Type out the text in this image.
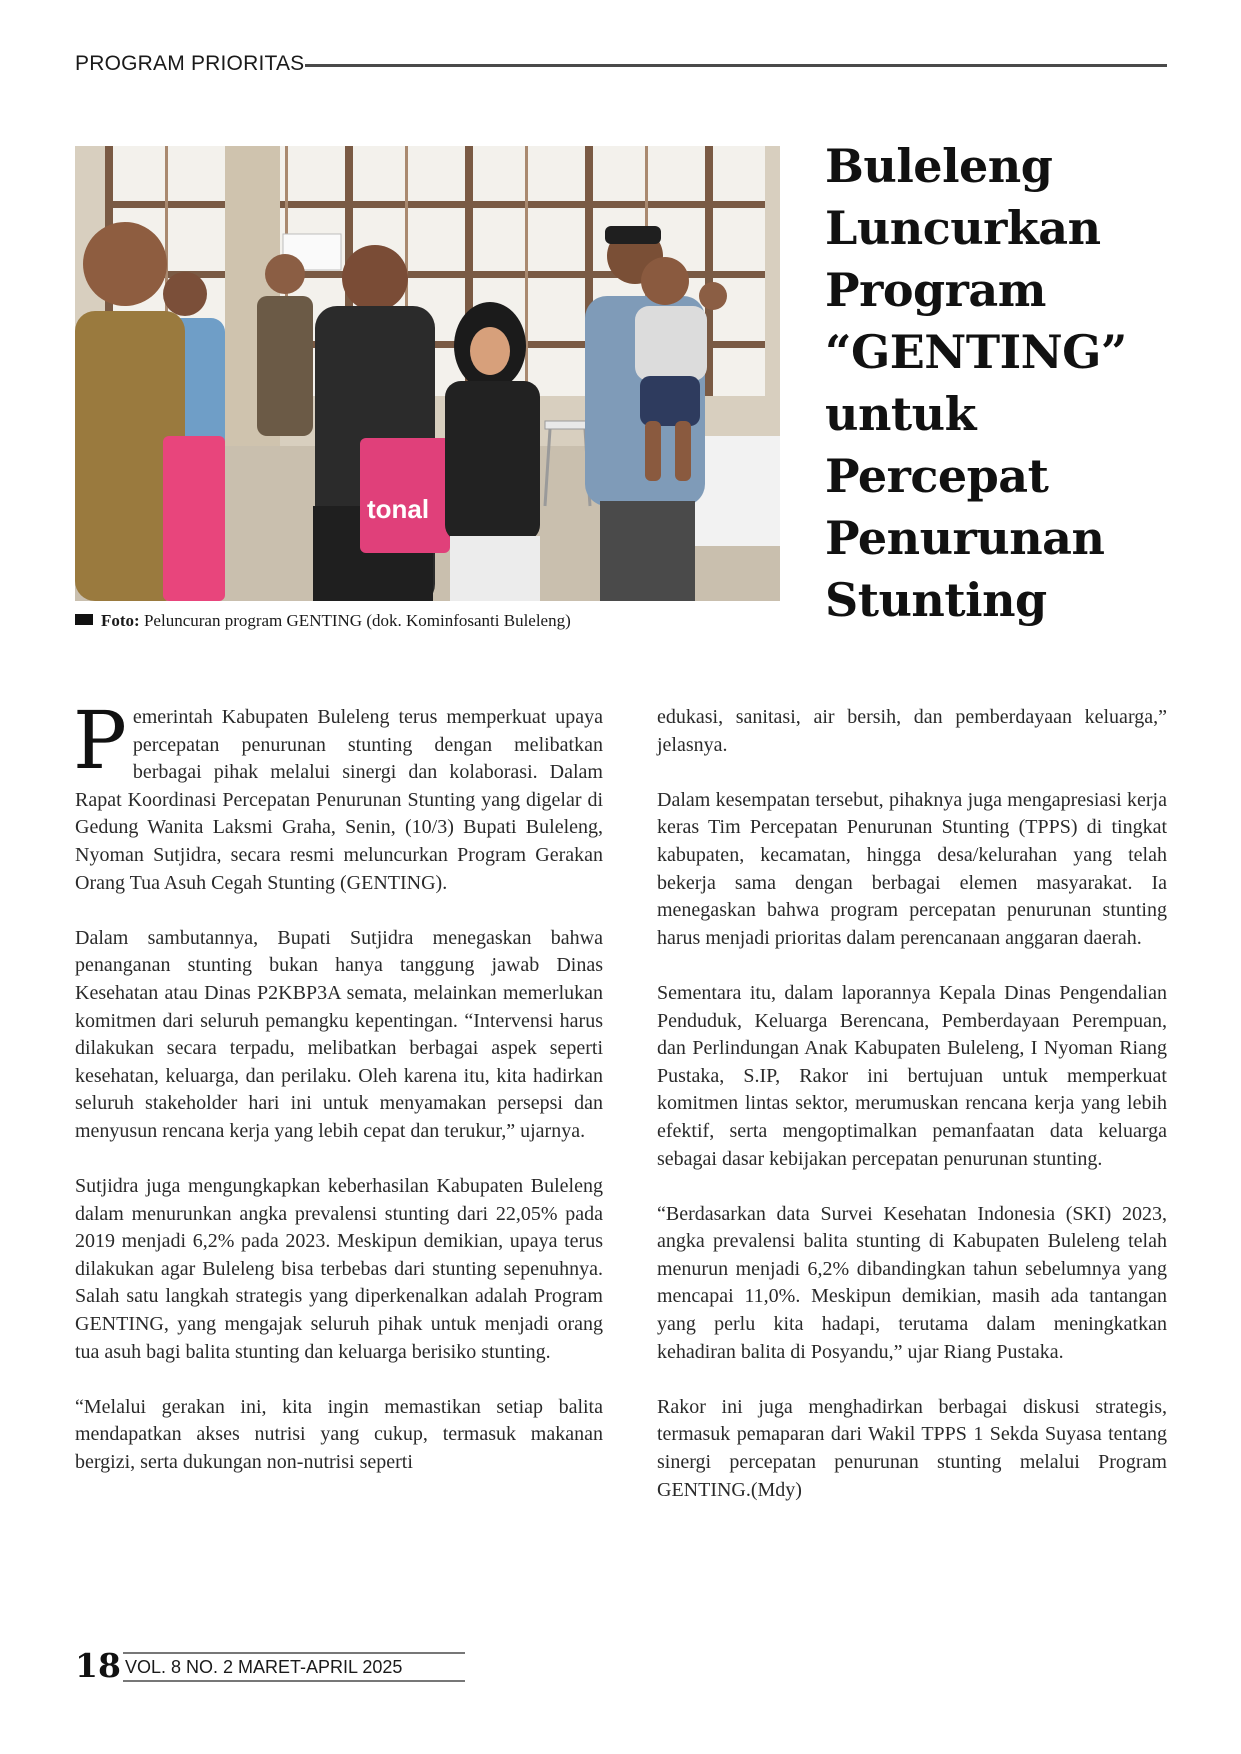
PROGRAM PRIORITAS
tonal
Foto: Peluncuran program GENTING (dok. Kominfosanti Buleleng)
Buleleng Luncurkan Program “GENTING” untuk Percepat Penurunan Stunting

Pemerintah Kabupaten Buleleng terus memperkuat upaya percepatan penurunan stunting dengan melibatkan berbagai pihak melalui sinergi dan kolaborasi. Dalam Rapat Koordinasi Percepatan Penurunan Stunting yang digelar di Gedung Wanita Laksmi Graha, Senin, (10/3) Bupati Buleleng, Nyoman Sutjidra, secara resmi meluncurkan Program Gerakan Orang Tua Asuh Cegah Stunting (GENTING).

Dalam sambutannya, Bupati Sutjidra menegaskan bahwa penanganan stunting bukan hanya tanggung jawab Dinas Kesehatan atau Dinas P2KBP3A semata, melainkan memerlukan komitmen dari seluruh pemangku kepentingan. “Intervensi harus dilakukan secara terpadu, melibatkan berbagai aspek seperti kesehatan, keluarga, dan perilaku. Oleh karena itu, kita hadirkan seluruh stakeholder hari ini untuk menyamakan persepsi dan menyusun rencana kerja yang lebih cepat dan terukur,” ujarnya.

Sutjidra juga mengungkapkan keberhasilan Kabupaten Buleleng dalam menurunkan angka prevalensi stunting dari 22,05% pada 2019 menjadi 6,2% pada 2023. Meskipun demikian, upaya terus dilakukan agar Buleleng bisa terbebas dari stunting sepenuhnya. Salah satu langkah strategis yang diperkenalkan adalah Program GENTING, yang mengajak seluruh pihak untuk menjadi orang tua asuh bagi balita stunting dan keluarga berisiko stunting.

“Melalui gerakan ini, kita ingin memastikan setiap balita mendapatkan akses nutrisi yang cukup, termasuk makanan bergizi, serta dukungan non-nutrisi seperti

edukasi, sanitasi, air bersih, dan pemberdayaan keluarga,” jelasnya.

Dalam kesempatan tersebut, pihaknya juga mengapresiasi kerja keras Tim Percepatan Penurunan Stunting (TPPS) di tingkat kabupaten, kecamatan, hingga desa/kelurahan yang telah bekerja sama dengan berbagai elemen masyarakat. Ia menegaskan bahwa program percepatan penurunan stunting harus menjadi prioritas dalam perencanaan anggaran daerah.

Sementara itu, dalam laporannya Kepala Dinas Pengendalian Penduduk, Keluarga Berencana, Pemberdayaan Perempuan, dan Perlindungan Anak Kabupaten Buleleng, I Nyoman Riang Pustaka, S.IP, Rakor ini bertujuan untuk memperkuat komitmen lintas sektor, merumuskan rencana kerja yang lebih efektif, serta mengoptimalkan pemanfaatan data keluarga sebagai dasar kebijakan percepatan penurunan stunting.

“Berdasarkan data Survei Kesehatan Indonesia (SKI) 2023, angka prevalensi balita stunting di Kabupaten Buleleng telah menurun menjadi 6,2% dibandingkan tahun sebelumnya yang mencapai 11,0%. Meskipun demikian, masih ada tantangan yang perlu kita hadapi, terutama dalam meningkatkan kehadiran balita di Posyandu,” ujar Riang Pustaka.

Rakor ini juga menghadirkan berbagai diskusi strategis, termasuk pemaparan dari Wakil TPPS 1 Sekda Suyasa tentang sinergi percepatan penurunan stunting melalui Program GENTING.(Mdy)

18 VOL. 8 NO. 2 MARET-APRIL 2025
